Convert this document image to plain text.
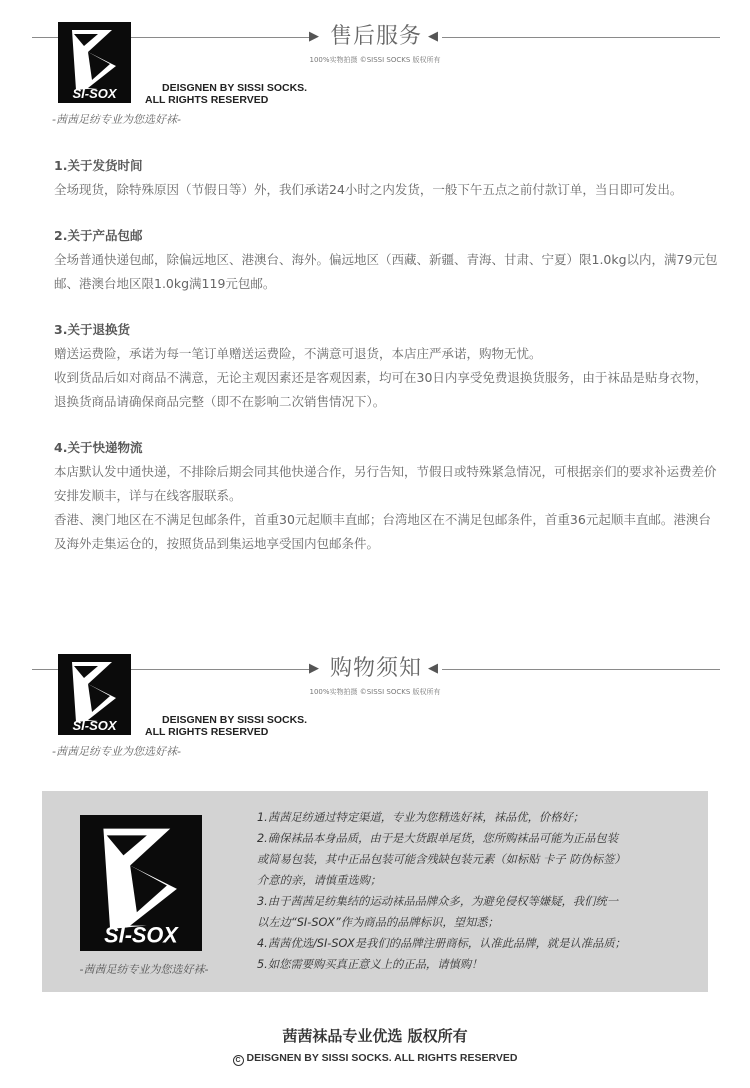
▶	◀
售后服务
100%实物拍摄 ©SISSI SOCKS 版权所有
SI-SOX	DEISGNEN BY SISSI SOCKS.
ALL RIGHTS RESERVED
-茜茜足纺专业为您选好袜-
1.关于发货时间

全场现货，除特殊原因（节假日等）外，我们承诺24小时之内发货，一般下午五点之前付款订单，当日即可发出。

2.关于产品包邮

全场普通快递包邮，除偏远地区、港澳台、海外。偏远地区（西藏、新疆、青海、甘肃、宁夏）限1.0kg以内，满79元包邮、港澳台地区限1.0kg满119元包邮。

3.关于退换货

赠送运费险，承诺为每一笔订单赠送运费险，不满意可退货，本店庄严承诺，购物无忧。

收到货品后如对商品不满意，无论主观因素还是客观因素，均可在30日内享受免费退换货服务，由于袜品是贴身衣物，退换货商品请确保商品完整（即不在影响二次销售情况下）。

4.关于快递物流

本店默认发中通快递，不排除后期会同其他快递合作，另行告知，节假日或特殊紧急情况，可根据亲们的要求补运费差价安排发顺丰，详与在线客服联系。

香港、澳门地区在不满足包邮条件，首重30元起顺丰直邮；台湾地区在不满足包邮条件，首重36元起顺丰直邮。港澳台及海外走集运仓的，按照货品到集运地享受国内包邮条件。

▶	◀
购物须知
100%实物拍摄 ©SISSI SOCKS 版权所有
SI-SOX	DEISGNEN BY SISSI SOCKS.
ALL RIGHTS RESERVED
-茜茜足纺专业为您选好袜-
SI-SOX
-茜茜足纺专业为您选好袜-

1.茜茜足纺通过特定渠道，专业为您精选好袜，袜品优，价格好；

2.确保袜品本身品质，由于是大货跟单尾货，您所购袜品可能为正品包装

或简易包装，其中正品包装可能含残缺包装元素（如标贴 卡子 防伪标签）

介意的亲，请慎重选购；

3.由于茜茜足纺集结的运动袜品品牌众多，为避免侵权等嫌疑，我们统一

以左边“SI-SOX”作为商品的品牌标识，望知悉；

4.茜茜优选/SI-SOX是我们的品牌注册商标，认准此品牌，就是认准品质；

5.如您需要购买真正意义上的正品，请慎购！

茜茜袜品专业优选 版权所有
C DEISGNEN BY SISSI SOCKS. ALL RIGHTS RESERVED
